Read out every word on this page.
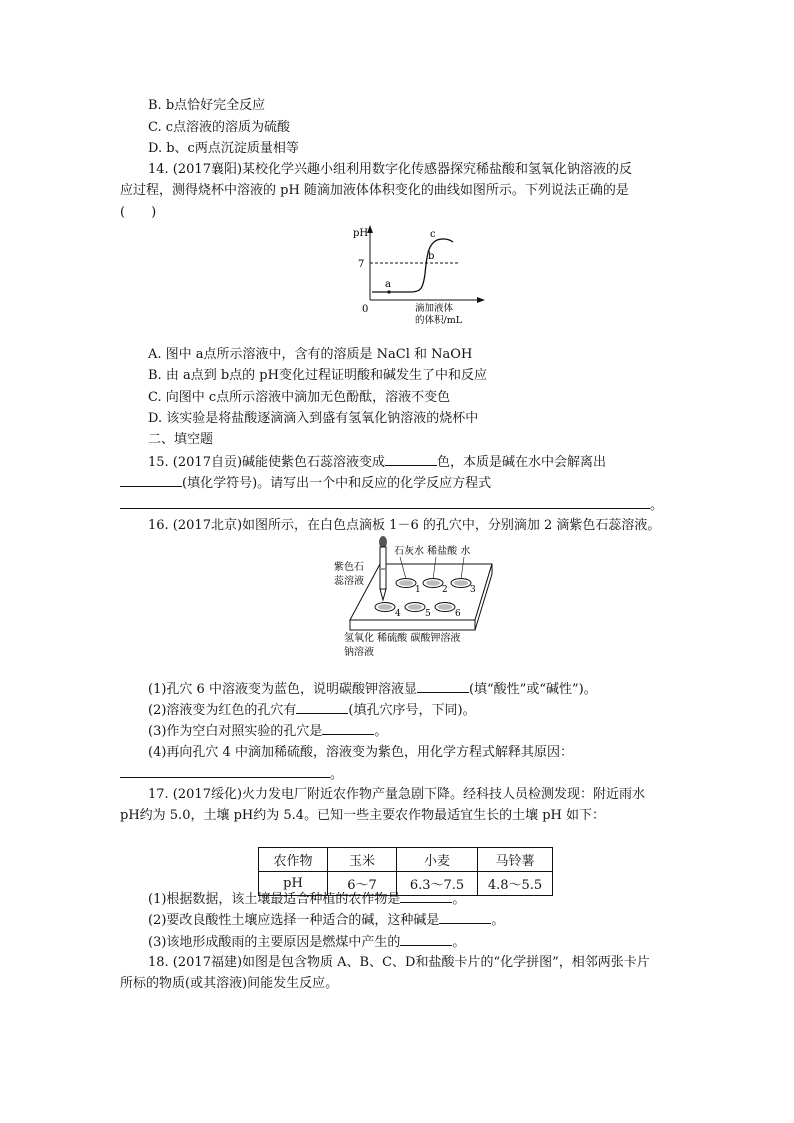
B. b点恰好完全反应
C. c点溶液的溶质为硫酸
D. b、c两点沉淀质量相等
14. (2017襄阳)某校化学兴趣小组利用数字化传感器探究稀盐酸和氢氧化钠溶液的反
应过程，测得烧杯中溶液的 pH 随滴加液体体积变化的曲线如图所示。下列说法正确的是
(　　)
pH
7
0
a
b
c
滴加液体
的体积/mL
A. 图中 a点所示溶液中，含有的溶质是 NaCl 和 NaOH
B. 由 a点到 b点的 pH变化过程证明酸和碱发生了中和反应
C. 向图中 c点所示溶液中滴加无色酚酞，溶液不变色
D. 该实验是将盐酸逐滴滴入到盛有氢氧化钠溶液的烧杯中
二、填空题
15. (2017自贡)碱能使紫色石蕊溶液变成	色，本质是碱在水中会解离出
(填化学符号)。请写出一个中和反应的化学反应方程式
。
16. (2017北京)如图所示，在白色点滴板 1－6 的孔穴中，分别滴加 2 滴紫色石蕊溶液。
1 2 3
4	5	6
紫色石
蕊溶液
石灰水 稀盐酸 水
氢氧化 稀硫酸 碳酸钾溶液
钠溶液
(1)孔穴 6 中溶液变为蓝色，说明碳酸钾溶液显	(填“酸性”或“碱性”)。
(2)溶液变为红色的孔穴有	(填孔穴序号，下同)。
(3)作为空白对照实验的孔穴是	。
(4)再向孔穴 4 中滴加稀硫酸，溶液变为紫色，用化学方程式解释其原因：
。
17. (2017绥化)火力发电厂附近农作物产量急剧下降。经科技人员检测发现：附近雨水
pH约为 5.0，土壤 pH约为 5.4。已知一些主要农作物最适宜生长的土壤 pH 如下：
农作物	玉米	小麦	马铃薯
pH	6～7	6.3～7.5	4.8～5.5
(1)根据数据，该土壤最适合种植的农作物是	。
(2)要改良酸性土壤应选择一种适合的碱，这种碱是	。
(3)该地形成酸雨的主要原因是燃煤中产生的	。
18. (2017福建)如图是包含物质 A、B、C、D和盐酸卡片的“化学拼图”，相邻两张卡片
所标的物质(或其溶液)间能发生反应。
